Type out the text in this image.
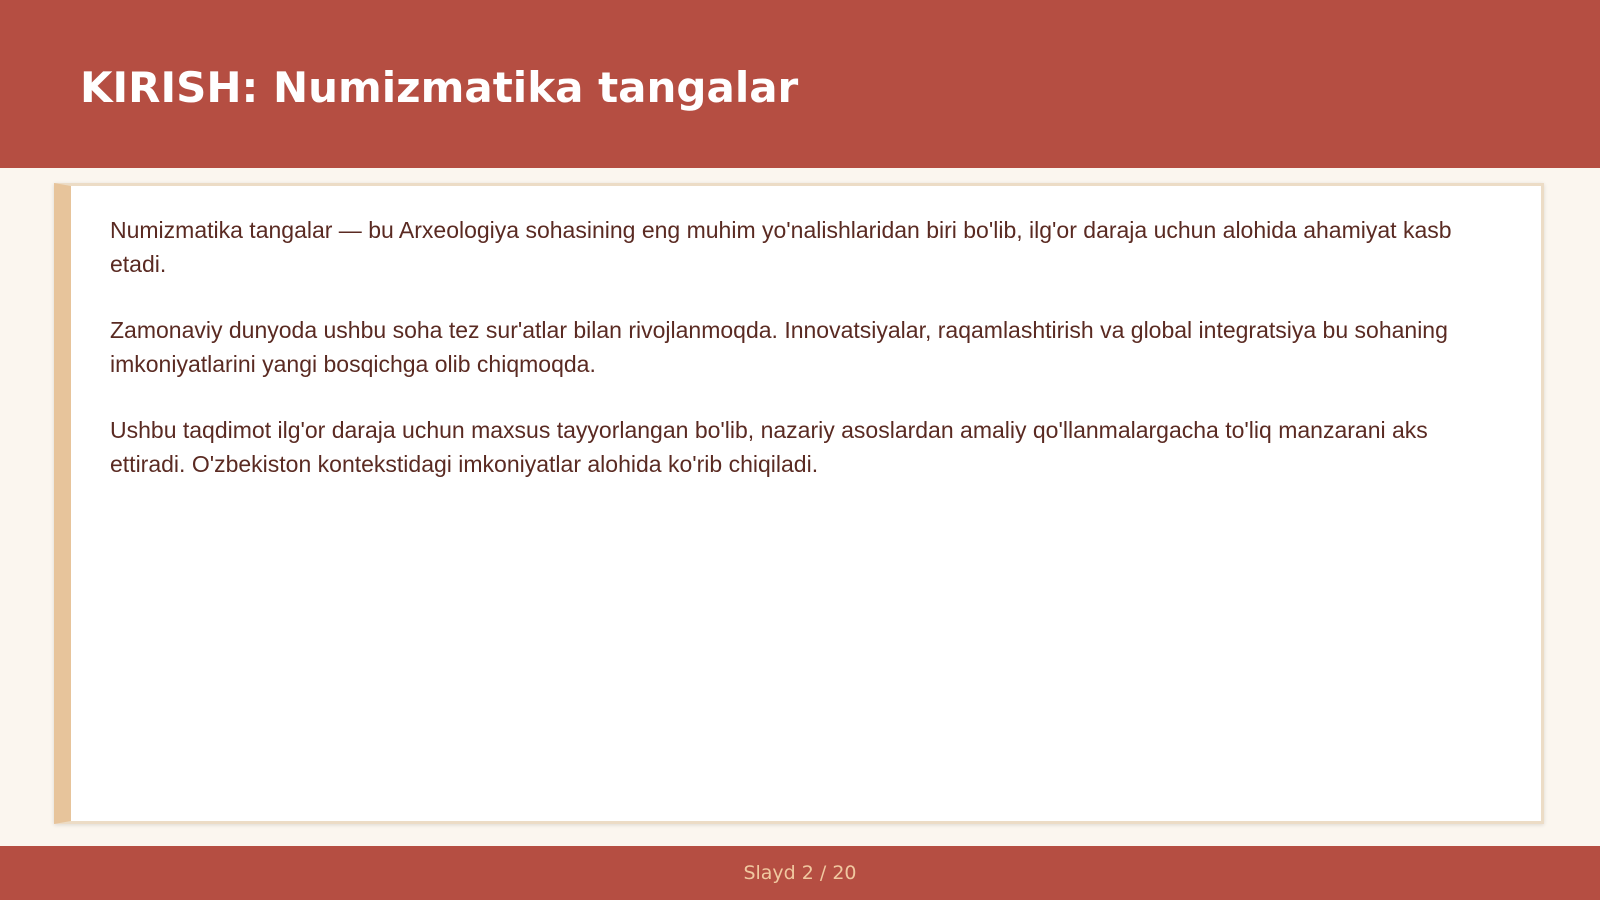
KIRISH: Numizmatika tangalar

Numizmatika tangalar — bu Arxeologiya sohasining eng muhim yo'nalishlaridan biri bo'lib, ilg'or daraja uchun alohida ahamiyat kasb etadi.

Zamonaviy dunyoda ushbu soha tez sur'atlar bilan rivojlanmoqda. Innovatsiyalar, raqamlashtirish va global integratsiya bu sohaning imkoniyatlarini yangi bosqichga olib chiqmoqda.

Ushbu taqdimot ilg'or daraja uchun maxsus tayyorlangan bo'lib, nazariy asoslardan amaliy qo'llanmalargacha to'liq manzarani aks ettiradi. O'zbekiston kontekstidagi imkoniyatlar alohida ko'rib chiqiladi.

Slayd 2 / 20
